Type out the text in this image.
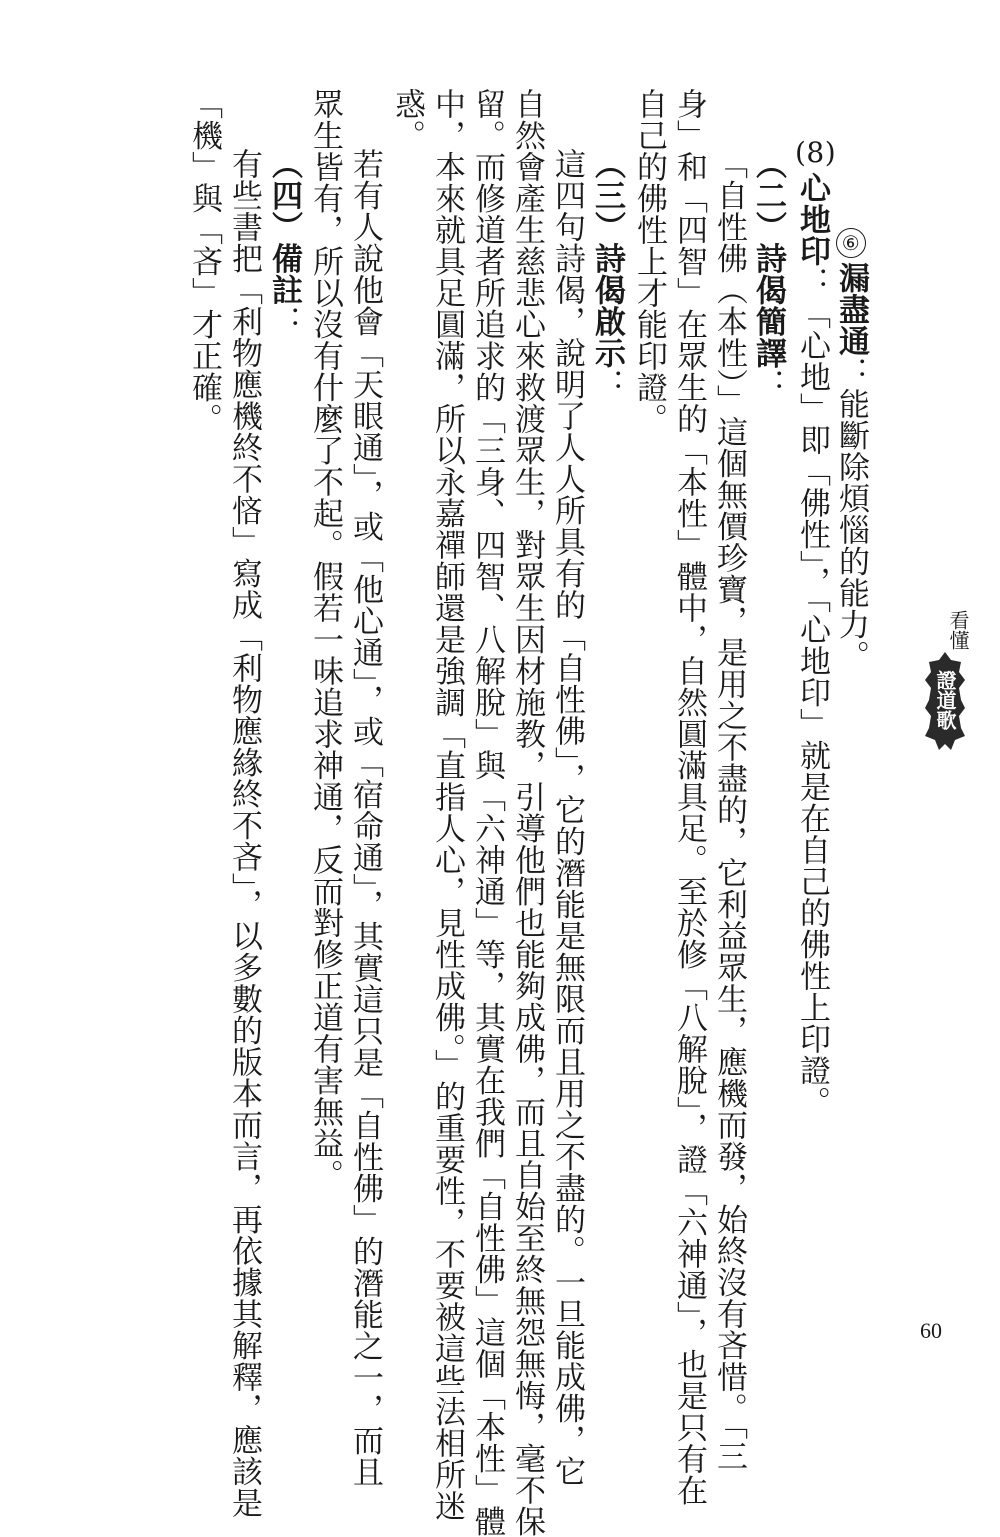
看懂
證道歌
⑥漏盡通：能斷除煩惱的能力。
(8)心地印：「心地」即「佛性」，「心地印」就是在自己的佛性上印證。
（二）詩偈簡譯：
「自性佛（本性）」這個無價珍寶，是用之不盡的，它利益眾生，應機而發，始終沒有吝惜。「三
身」和「四智」在眾生的「本性」體中，自然圓滿具足。至於修「八解脫」，證「六神通」，也是只有在
自己的佛性上才能印證。
（三）詩偈啟示：
這四句詩偈，說明了人人所具有的「自性佛」，它的潛能是無限而且用之不盡的。一旦能成佛，它
自然會產生慈悲心來救渡眾生，對眾生因材施教，引導他們也能夠成佛，而且自始至終無怨無悔，毫不保
留。而修道者所追求的「三身、四智、八解脫」與「六神通」等，其實在我們「自性佛」這個「本性」體
中，本來就具足圓滿，所以永嘉禪師還是強調「直指人心，見性成佛。」的重要性，不要被這些法相所迷
惑。
若有人說他會「天眼通」，或「他心通」，或「宿命通」，其實這只是「自性佛」的潛能之一，而且
眾生皆有，所以沒有什麼了不起。假若一味追求神通，反而對修正道有害無益。
（四）備註：
有些書把「利物應機終不悋」寫成「利物應緣終不吝」，以多數的版本而言，再依據其解釋，應該是
「機」與「吝」才正確。
60
